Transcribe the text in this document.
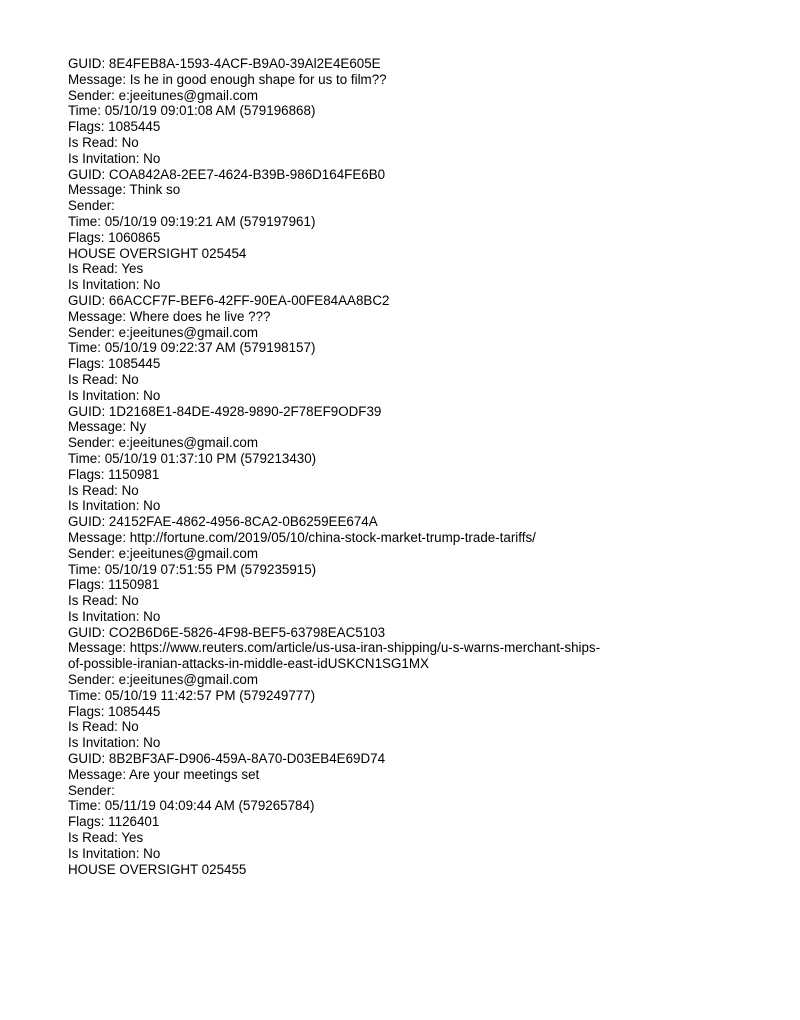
GUID: 8E4FEB8A-1593-4ACF-B9A0-39Al2E4E605E
Message: Is he in good enough shape for us to film??
Sender: e:jeeitunes@gmail.com
Time: 05/10/19 09:01:08 AM (579196868)
Flags: 1085445
Is Read: No
Is Invitation: No
GUID: COA842A8-2EE7-4624-B39B-986D164FE6B0
Message: Think so
Sender:
Time: 05/10/19 09:19:21 AM (579197961)
Flags: 1060865
HOUSE OVERSIGHT 025454
Is Read: Yes
Is Invitation: No
GUID: 66ACCF7F-BEF6-42FF-90EA-00FE84AA8BC2
Message: Where does he live ???
Sender: e:jeeitunes@gmail.com
Time: 05/10/19 09:22:37 AM (579198157)
Flags: 1085445
Is Read: No
Is Invitation: No
GUID: 1D2168E1-84DE-4928-9890-2F78EF9ODF39
Message: Ny
Sender: e:jeeitunes@gmail.com
Time: 05/10/19 01:37:10 PM (579213430)
Flags: 1150981
Is Read: No
Is Invitation: No
GUID: 24152FAE-4862-4956-8CA2-0B6259EE674A
Message: http://fortune.com/2019/05/10/china-stock-market-trump-trade-tariffs/
Sender: e:jeeitunes@gmail.com
Time: 05/10/19 07:51:55 PM (579235915)
Flags: 1150981
Is Read: No
Is Invitation: No
GUID: CO2B6D6E-5826-4F98-BEF5-63798EAC5103
Message: https://www.reuters.com/article/us-usa-iran-shipping/u-s-warns-merchant-ships-
of-possible-iranian-attacks-in-middle-east-idUSKCN1SG1MX
Sender: e:jeeitunes@gmail.com
Time: 05/10/19 11:42:57 PM (579249777)
Flags: 1085445
Is Read: No
Is Invitation: No
GUID: 8B2BF3AF-D906-459A-8A70-D03EB4E69D74
Message: Are your meetings set
Sender:
Time: 05/11/19 04:09:44 AM (579265784)
Flags: 1126401
Is Read: Yes
Is Invitation: No
HOUSE OVERSIGHT 025455
